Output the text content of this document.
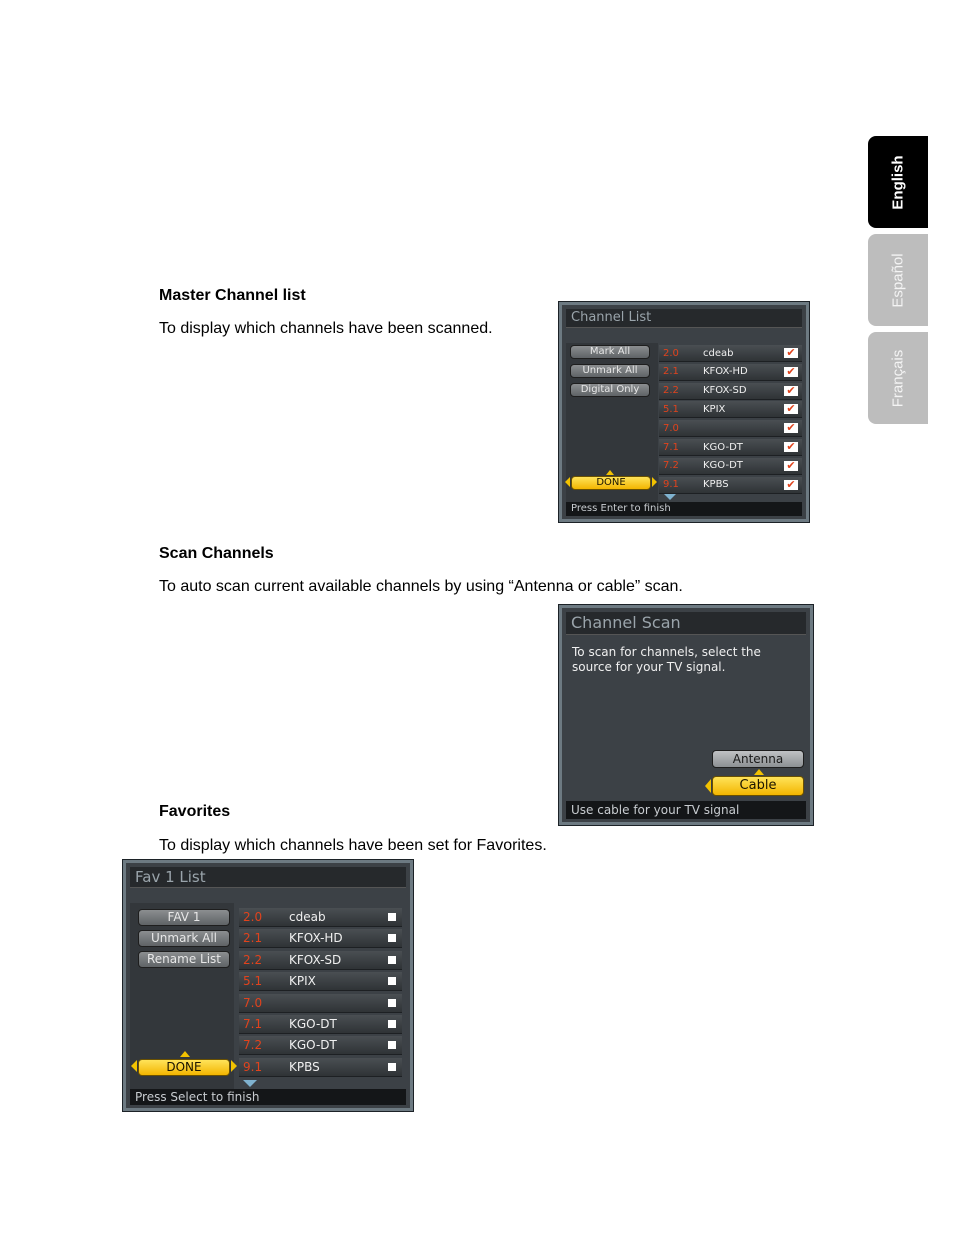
English
Español
Français
Master Channel list

To display which channels have been scanned.

Channel List
Mark All
Unmark All
Digital Only
DONE
2.0	cdeab	✔
2.1	KFOX-HD	✔
2.2	KFOX-SD	✔
5.1	KPIX	✔
7.0	✔
7.1	KGO-DT	✔
7.2	KGO-DT	✔
9.1	KPBS	✔
Press Enter to finish
Scan Channels

To auto scan current available channels by using “Antenna or cable” scan.

Channel Scan
To scan for channels, select the source for your TV signal.
Antenna
Cable
Use cable for your TV signal
Favorites

To display which channels have been set for Favorites.

Fav 1 List
FAV 1
Unmark All
Rename List
DONE
2.0	cdeab
2.1	KFOX-HD
2.2	KFOX-SD
5.1	KPIX
7.0
7.1	KGO-DT
7.2	KGO-DT
9.1	KPBS
Press Select to finish
